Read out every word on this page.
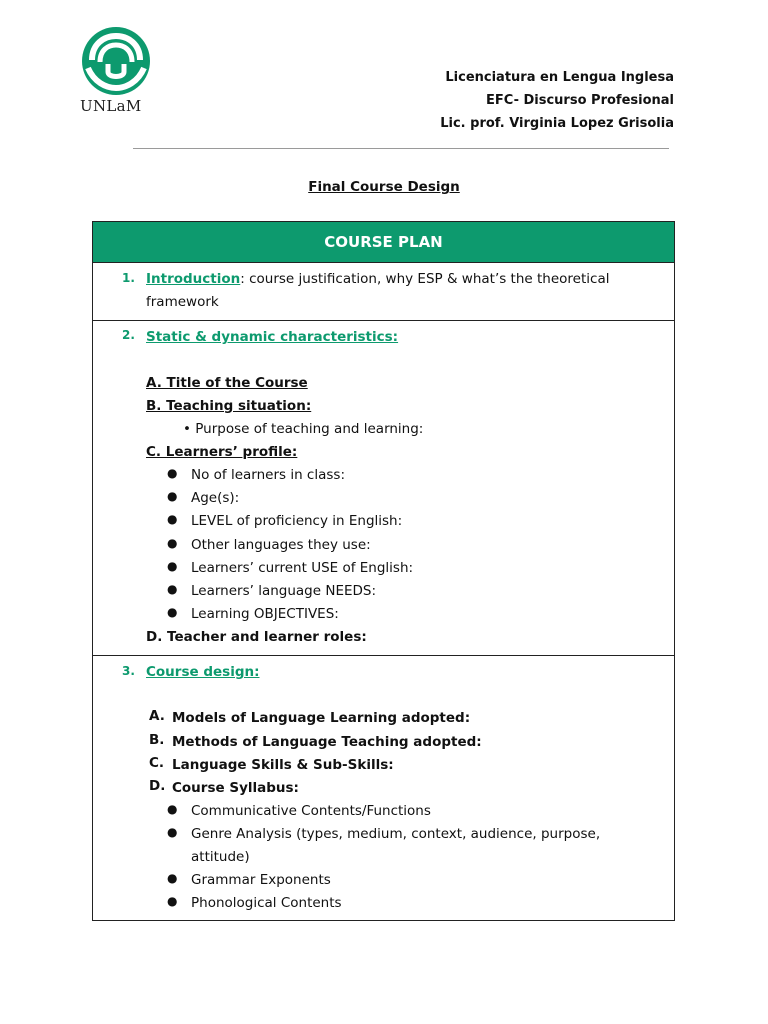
UNLaM
Licenciatura en Lengua Inglesa
EFC- Discurso Profesional
Lic. prof. Virginia Lopez Grisolia
Final Course Design
COURSE PLAN
1. Introduction: course justification, why ESP & what’s the theoretical
framework
2. Static & dynamic characteristics:
A. Title of the Course
B. Teaching situation:
• Purpose of teaching and learning:
C. Learners’ profile:
● No of learners in class:
● Age(s):
● LEVEL of proficiency in English:
● Other languages they use:
● Learners’ current USE of English:
● Learners’ language NEEDS:
● Learning OBJECTIVES:
D. Teacher and learner roles:
3. Course design:
A. Models of Language Learning adopted:
B. Methods of Language Teaching adopted:
C. Language Skills & Sub-Skills:
D. Course Syllabus:
● Communicative Contents/Functions
● Genre Analysis (types, medium, context, audience, purpose,
attitude)
● Grammar Exponents
● Phonological Contents
